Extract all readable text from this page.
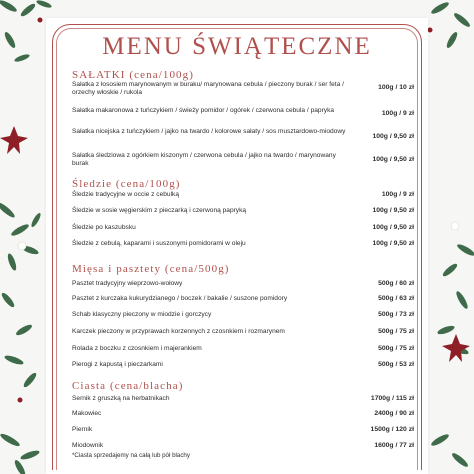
MENU ŚWIĄTECZNE
SAŁATKI (cena/100g)
Sałatka z łososiem marynowanym w buraku/ marynowana cebula / pieczony burak / ser feta / orzechy włoskie / rukola
100g / 10 zł
Sałatka makaronowa z tuńczykiem / świeży pomidor / ogórek / czerwona cebula / papryka	100g / 9 zł
Sałatka nicejska z tuńczykiem / jajko na twardo / kolorowe sałaty / sos musztardowo-miodowy
100g / 9,50 zł
Sałatka śledziowa z ogórkiem kiszonym / czerwona cebula / jajko na twardo / marynowany burak
100g / 9,50 zł
Śledzie (cena/100g)
Śledzie tradycyjne w occie z cebulką	100g / 9 zł
Śledzie w sosie węgierskim z pieczarką i czerwoną papryką	100g / 9,50 zł
Śledzie po kaszubsku	100g / 9,50 zł
Śledzie z cebulą, kaparami i suszonymi pomidorami w oleju	100g / 9,50 zł
Mięsa i pasztety (cena/500g)
Pasztet tradycyjny wieprzowo-wołowy	500g / 60 zł
Pasztet z kurczaka kukurydzianego / boczek / bakalie / suszone pomidory	500g / 63 zł
Schab klasyczny pieczony w miodzie i gorczycy	500g / 73 zł
Karczek pieczony w przyprawach korzennych z czosnkiem i rozmarynem	500g / 75 zł
Rolada z boczku z czosnkiem i majerankiem	500g / 75 zł
Pierogi z kapustą i pieczarkami	500g / 53 zł
Ciasta (cena/blacha)
Sernik z gruszką na herbatnikach	1700g / 115 zł
Makowiec	2400g / 90 zł
Piernik	1500g / 120 zł
Miodownik	1600g / 77 zł
*Ciasta sprzedajemy na całą lub pół blachy
